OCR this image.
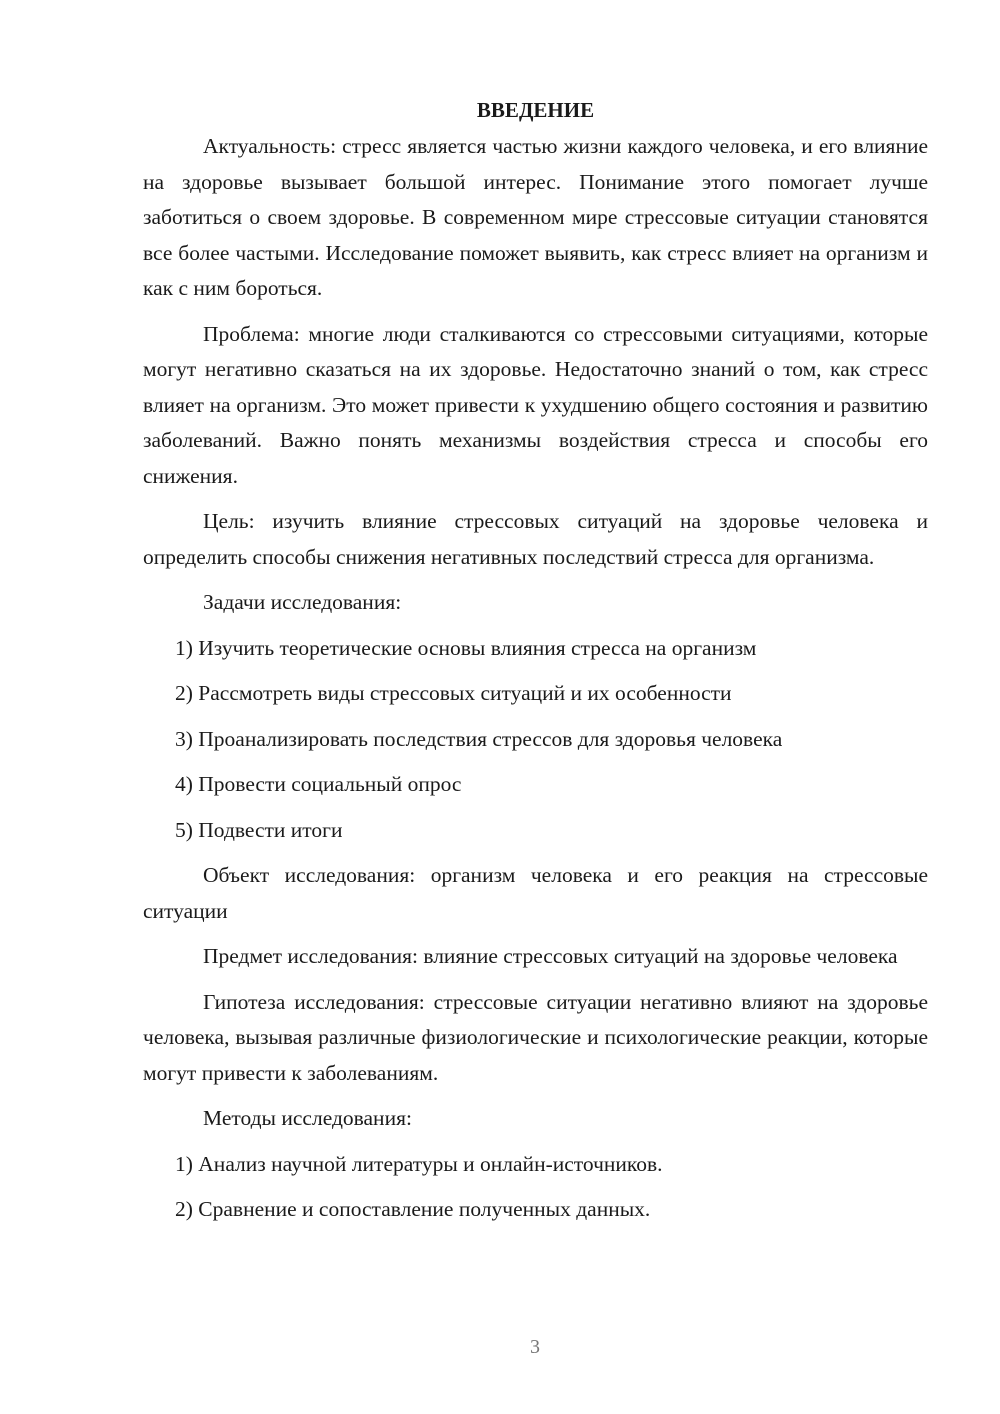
ВВЕДЕНИЕ

Актуальность: стресс является частью жизни каждого человека, и его влияние на здоровье вызывает большой интерес. Понимание этого помогает лучше заботиться о своем здоровье. В современном мире стрессовые ситуации становятся все более частыми. Исследование поможет выявить, как стресс влияет на организм и как с ним бороться.

Проблема: многие люди сталкиваются со стрессовыми ситуациями, которые могут негативно сказаться на их здоровье. Недостаточно знаний о том, как стресс влияет на организм. Это может привести к ухудшению общего состояния и развитию заболеваний. Важно понять механизмы воздействия стресса и способы его снижения.

Цель: изучить влияние стрессовых ситуаций на здоровье человека и определить способы снижения негативных последствий стресса для организма.

Задачи исследования:

1) Изучить теоретические основы влияния стресса на организм

2) Рассмотреть виды стрессовых ситуаций и их особенности

3) Проанализировать последствия стрессов для здоровья человека

4) Провести социальный опрос

5) Подвести итоги

Объект исследования: организм человека и его реакция на стрессовые ситуации

Предмет исследования: влияние стрессовых ситуаций на здоровье человека

Гипотеза исследования: стрессовые ситуации негативно влияют на здоровье человека, вызывая различные физиологические и психологические реакции, которые могут привести к заболеваниям.

Методы исследования:

1) Анализ научной литературы и онлайн-источников.

2) Сравнение и сопоставление полученных данных.

3
